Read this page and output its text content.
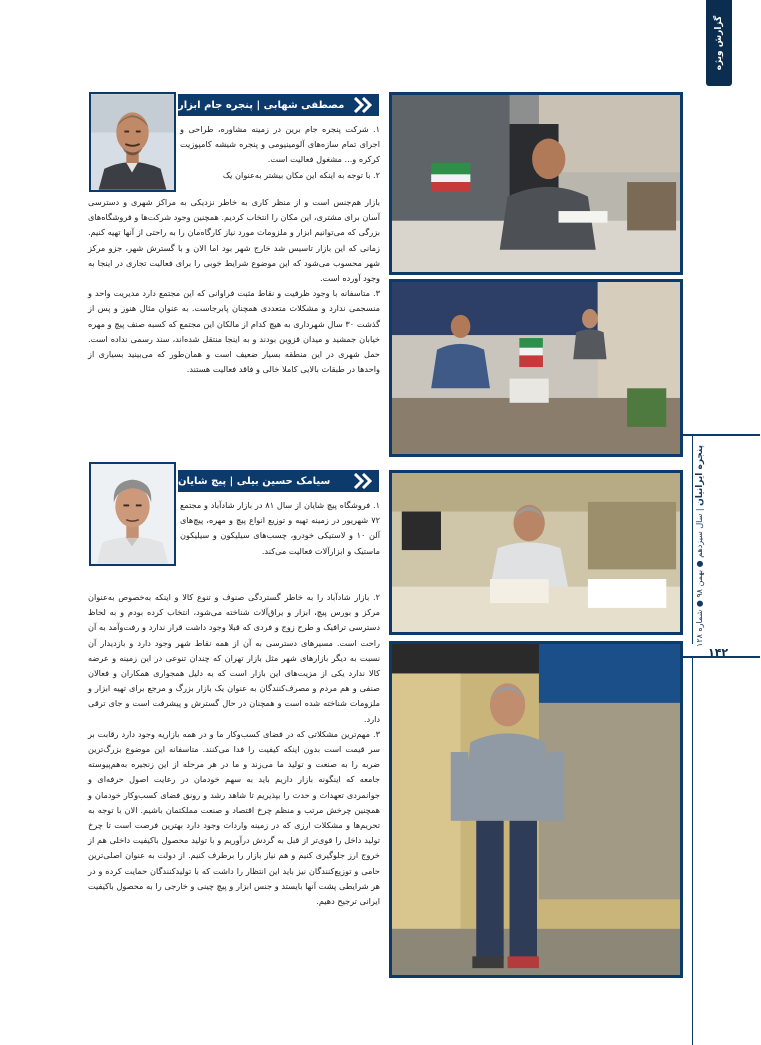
گزارش ویژه
پنجره ایرانیان | سال سیزدهم ● بهمن ۹۸ ● شماره ۱۲۸
۱۴۲
مصطفی شهابی | پنجره جام ابزار

۱. شرکت پنجره جام برین در زمینه مشاوره، طراحی و اجرای تمام سازه‌های آلومینیومی و پنجره شیشه کامپوزیت کرکره و... مشغول فعالیت است.

۲. با توجه به اینکه این مکان بیشتر به‌عنوان یک

بازار هم‌جنس است و از منظر کاری به خاطر نزدیکی به مراکز شهری و دسترسی آسان برای مشتری، این مکان را انتخاب کردیم. همچنین وجود شرکت‌ها و فروشگاه‌های بزرگی که می‌توانیم ابزار و ملزومات مورد نیاز کارگاه‌مان را به راحتی از آنها تهیه کنیم. زمانی که این بازار تاسیس شد خارج شهر بود اما الان و با گسترش شهر، جزو مرکز شهر محسوب می‌شود که این موضوع شرایط خوبی را برای فعالیت تجاری در اینجا به وجود آورده است.

۳. متاسفانه با وجود ظرفیت و نقاط مثبت فراوانی که این مجتمع دارد مدیریت واحد و منسجمی ندارد و مشکلات متعددی همچنان پابرجاست. به عنوان مثال هنوز و پس از گذشت ۳۰ سال شهرداری به هیچ کدام از مالکان این مجتمع که کسبه صنف پیچ و مهره خیابان جمشید و میدان قزوین بودند و به اینجا منتقل شده‌اند، سند رسمی نداده است. حمل شهری در این منطقه بسیار ضعیف است و همان‌طور که می‌بینید بسیاری از واحدها در طبقات بالایی کاملا خالی و فاقد فعالیت هستند.

سیامک حسین بیلی | پیچ شایان

۱. فروشگاه پیچ شایان از سال ۸۱ در بازار شادآباد و مجتمع ۷۲ شهریور در زمینه تهیه و توزیع انواع پیچ و مهره، پیچ‌های آلن ۱۰ و لاستیکی خودرو، چسب‌های سیلیکون و سیلیکون ماستیک و ابزارآلات فعالیت می‌کند.

۲. بازار شادآباد را به خاطر گستردگی صنوف و تنوع کالا و اینکه به‌خصوص به‌عنوان مرکز و بورس پیچ، ابزار و یراق‌آلات شناخته می‌شود، انتخاب کرده بودم و به لحاظ دسترسی ترافیک و طرح زوج و فردی که قبلا وجود داشت قرار ندارد و رفت‌وآمد به آن راحت است. مسیرهای دسترسی به آن از همه نقاط شهر وجود دارد و بازدیدار آن نسبت به دیگر بازارهای شهر مثل بازار تهران که چندان تنوعی در این زمینه و عرضه کالا ندارد یکی از مزیت‌های این بازار است که به دلیل همجواری همکاران و فعالان صنفی و هم مردم و مصرف‌کنندگان به عنوان یک بازار بزرگ و مرجع برای تهیه ابزار و ملزومات شناخته شده است و همچنان در حال گسترش و پیشرفت است و جای ترقی دارد.

۳. مهم‌ترین مشکلاتی که در فضای کسب‌وکار ما و در همه بازاریه وجود دارد رقابت بر سر قیمت است بدون اینکه کیفیت را فدا می‌کنند. متاسفانه این موضوع بزرگ‌ترین ضربه را به صنعت و تولید ما می‌زند و ما در هر مرحله از این زنجیره به‌هم‌پیوسته جامعه که اینگونه بازار داریم باید به سهم خودمان در رعایت اصول حرفه‌ای و جوانمردی تعهدات و حدت را بپذیریم تا شاهد رشد و رونق فضای کسب‌وکار خودمان و همچنین چرخش مرتب و منظم چرخ اقتصاد و صنعت مملکتمان باشیم. الان با توجه به تحریم‌ها و مشکلات ارزی که در زمینه واردات وجود دارد بهترین فرصت است تا چرخ تولید داخل را قوی‌تر از قبل به گردش درآوریم و با تولید محصول باکیفیت داخلی هم از خروج ارز جلوگیری کنیم و هم نیاز بازار را برطرف کنیم. از دولت به عنوان اصلی‌ترین حامی و توزیع‌کنندگان نیز باید این انتظار را داشت که با تولیدکنندگان حمایت کرده و در هر شرایطی پشت آنها بایستد و جنس ابزار و پیچ چینی و خارجی را به محصول باکیفیت ایرانی ترجیح دهیم.
